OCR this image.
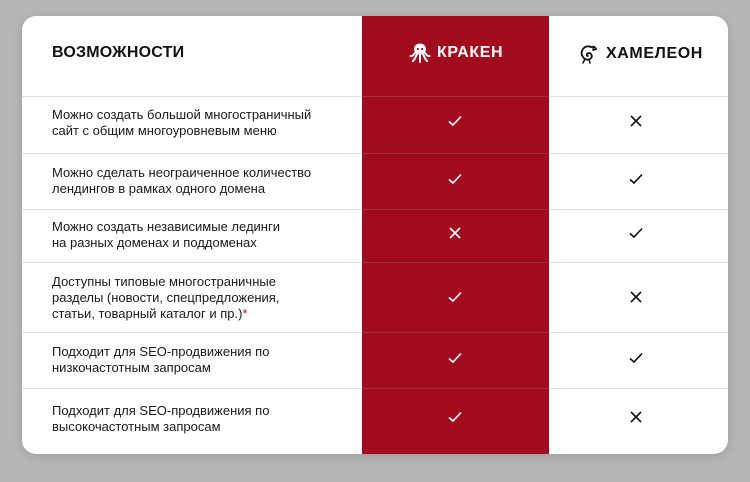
ВОЗМОЖНОСТИ	КРАКЕН	ХАМЕЛЕОН
Можно создать большой многостраничный
сайт с общим многоуровневым меню
Можно сделать неограиченное количество
лендингов в рамках одного домена
Можно создать независимые лединги
на разных доменах и поддоменах
Доступны типовые многостраничные
разделы (новости, спецпредложения,
статьи, товарный каталог и пр.)*
Подходит для SEO-продвижения по
низкочастотным запросам
Подходит для SEO-продвижения по
высокочастотным запросам
